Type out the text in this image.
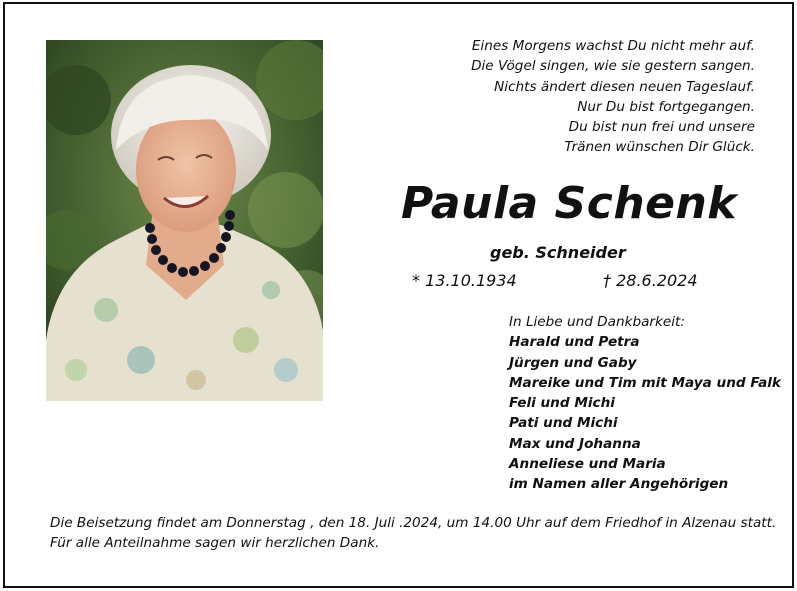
Eines Morgens wachst Du nicht mehr auf.
Die Vögel singen, wie sie gestern sangen.
Nichts ändert diesen neuen Tageslauf.
Nur Du bist fortgegangen.
Du bist nun frei und unsere
Tränen wünschen Dir Glück.
Paula Schenk
geb. Schneider
* 13.10.1934	† 28.6.2024
In Liebe und Dankbarkeit:
Harald und Petra
Jürgen und Gaby
Mareike und Tim mit Maya und Falk
Feli und Michi
Pati und Michi
Max und Johanna
Anneliese und Maria
im Namen aller Angehörigen
Die Beisetzung findet am Donnerstag , den 18. Juli .2024, um 14.00 Uhr auf dem Friedhof in Alzenau statt.
Für alle Anteilnahme sagen wir herzlichen Dank.
